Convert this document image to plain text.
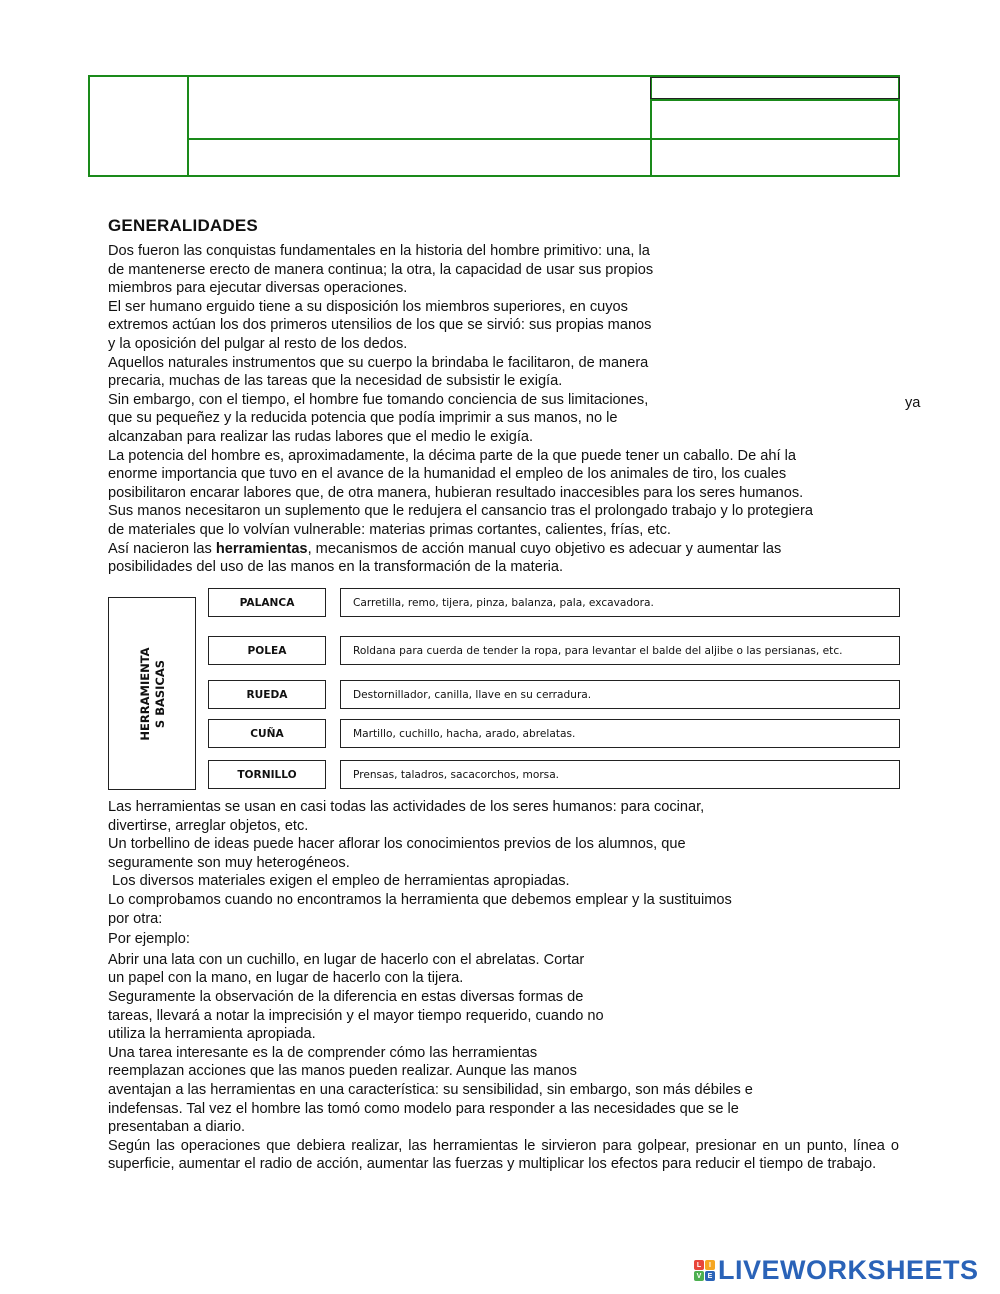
GENERALIDADES

Dos fueron las conquistas fundamentales en la historia del hombre primitivo: una, la

de mantenerse erecto de manera continua; la otra, la capacidad de usar sus propios

miembros para ejecutar diversas operaciones.

El ser humano erguido tiene a su disposición los miembros superiores, en cuyos

extremos actúan los dos primeros utensilios de los que se sirvió: sus propias manos

y la oposición del pulgar al resto de los dedos.

Aquellos naturales instrumentos que su cuerpo la brindaba le facilitaron, de manera

precaria, muchas de las tareas que la necesidad de subsistir le exigía.

Sin embargo, con el tiempo, el hombre fue tomando conciencia de sus limitaciones,

que su pequeñez y la reducida potencia que podía imprimir a sus manos, no le

alcanzaban para realizar las rudas labores que el medio le exigía.

La potencia del hombre es, aproximadamente, la décima parte de la que puede tener un caballo. De ahí la

enorme importancia que tuvo en el avance de la humanidad el empleo de los animales de tiro, los cuales

posibilitaron encarar labores que, de otra manera, hubieran resultado inaccesibles para los seres humanos.

Sus manos necesitaron un suplemento que le redujera el cansancio tras el prolongado trabajo y lo protegiera

de materiales que lo volvían vulnerable: materias primas cortantes, calientes, frías, etc.

Así nacieron las herramientas, mecanismos de acción manual cuyo objetivo es adecuar y aumentar las

posibilidades del uso de las manos en la transformación de la materia.

ya
HERRAMIENTA S BASICAS
PALANCA	Carretilla, remo, tijera, pinza, balanza, pala, excavadora.
POLEA	Roldana para cuerda de tender la ropa, para levantar el balde del aljibe o las persianas, etc.
RUEDA	Destornillador, canilla, llave en su cerradura.
CUÑA	Martillo, cuchillo, hacha, arado, abrelatas.
TORNILLO	Prensas, taladros, sacacorchos, morsa.

Las herramientas se usan en casi todas las actividades de los seres humanos: para cocinar,

divertirse, arreglar objetos, etc.

Un torbellino de ideas puede hacer aflorar los conocimientos previos de los alumnos, que

seguramente son muy heterogéneos.

Los diversos materiales exigen el empleo de herramientas apropiadas.

Lo comprobamos cuando no encontramos la herramienta que debemos emplear y la sustituimos

por otra:

Por ejemplo:

Abrir una lata con un cuchillo, en lugar de hacerlo con el abrelatas. Cortar

un papel con la mano, en lugar de hacerlo con la tijera.

Seguramente la observación de la diferencia en estas diversas formas de

tareas, llevará a notar la imprecisión y el mayor tiempo requerido, cuando no

utiliza la herramienta apropiada.

Una tarea interesante es la de comprender cómo las herramientas

reemplazan acciones que las manos pueden realizar. Aunque las manos

aventajan a las herramientas en una característica: su sensibilidad, sin embargo, son más débiles e

indefensas. Tal vez el hombre las tomó como modelo para responder a las necesidades que se le

presentaban a diario.

Según las operaciones que debiera realizar, las herramientas le sirvieron para golpear, presionar en un punto, línea o superficie, aumentar el radio de acción, aumentar las fuerzas y multiplicar los efectos para reducir el tiempo de trabajo.

L	I
V E LIVEWORKSHEETS
